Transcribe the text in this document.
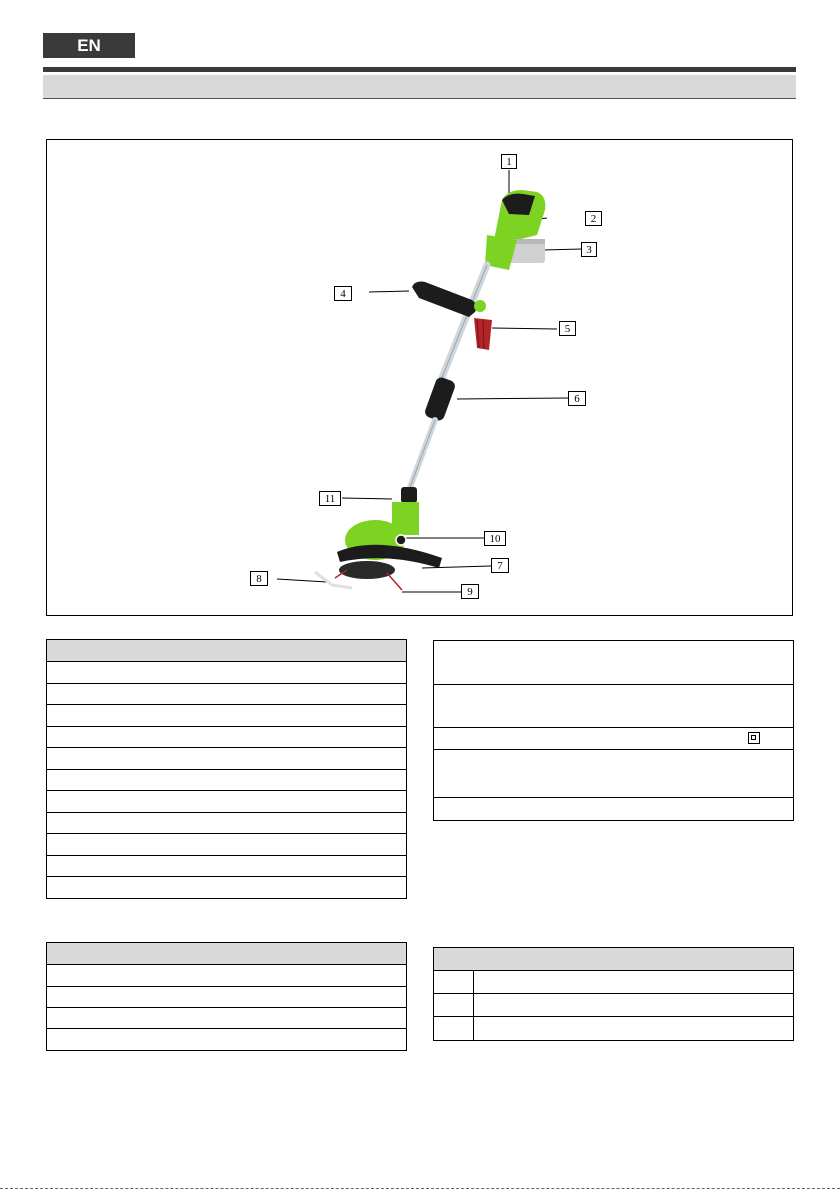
EN
1
2
3
4
5
6
11
10
7
8
9
